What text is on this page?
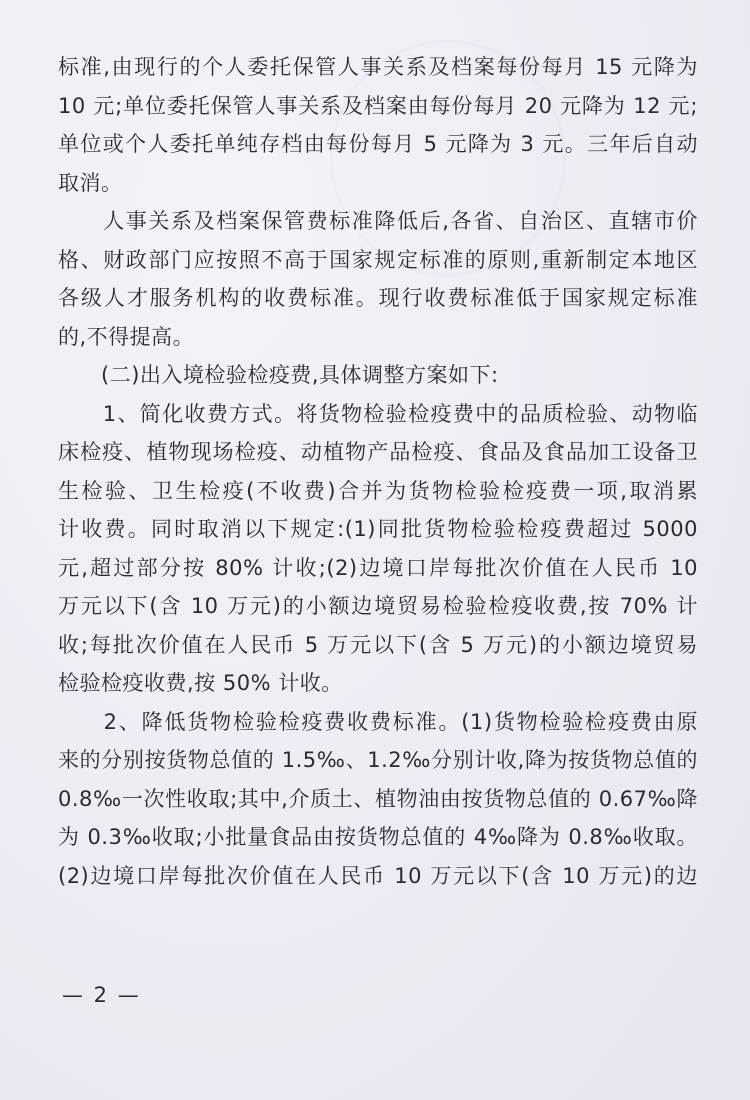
标准,由现行的个人委托保管人事关系及档案每份每月 15 元降为
10 元;单位委托保管人事关系及档案由每份每月 20 元降为 12 元;
单位或个人委托单纯存档由每份每月 5 元降为 3 元。三年后自动
取消。
　　人事关系及档案保管费标准降低后,各省、自治区、直辖市价
格、财政部门应按照不高于国家规定标准的原则,重新制定本地区
各级人才服务机构的收费标准。现行收费标准低于国家规定标准
的,不得提高。
　　(二)出入境检验检疫费,具体调整方案如下:
　　1、简化收费方式。将货物检验检疫费中的品质检验、动物临
床检疫、植物现场检疫、动植物产品检疫、食品及食品加工设备卫
生检验、卫生检疫(不收费)合并为货物检验检疫费一项,取消累
计收费。同时取消以下规定:(1)同批货物检验检疫费超过 5000
元,超过部分按 80% 计收;(2)边境口岸每批次价值在人民币 10
万元以下(含 10 万元)的小额边境贸易检验检疫收费,按 70% 计
收;每批次价值在人民币 5 万元以下(含 5 万元)的小额边境贸易
检验检疫收费,按 50% 计收。
　　2、降低货物检验检疫费收费标准。(1)货物检验检疫费由原
来的分别按货物总值的 1.5‰、1.2‰分别计收,降为按货物总值的
0.8‰一次性收取;其中,介质土、植物油由按货物总值的 0.67‰降
为 0.3‰收取;小批量食品由按货物总值的 4‰降为 0.8‰收取。
(2)边境口岸每批次价值在人民币 10 万元以下(含 10 万元)的边
— 2 —
